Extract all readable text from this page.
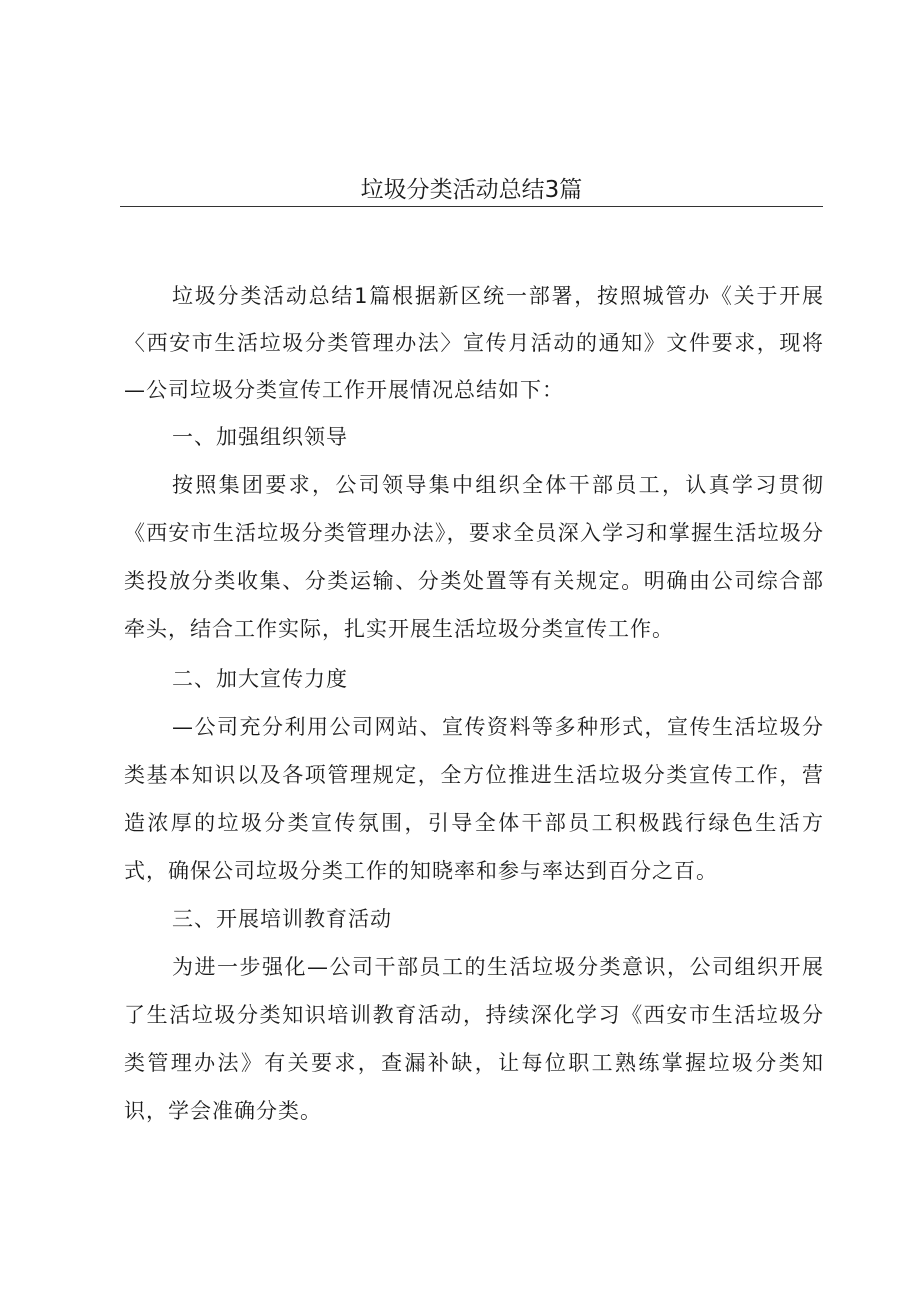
垃圾分类活动总结3篇

垃圾分类活动总结1篇根据新区统一部署，按照城管办《关于开展〈西安市生活垃圾分类管理办法〉宣传月活动的通知》文件要求，现将—公司垃圾分类宣传工作开展情况总结如下：

一、加强组织领导

按照集团要求，公司领导集中组织全体干部员工，认真学习贯彻《西安市生活垃圾分类管理办法》，要求全员深入学习和掌握生活垃圾分类投放分类收集、分类运输、分类处置等有关规定。明确由公司综合部牵头，结合工作实际，扎实开展生活垃圾分类宣传工作。

二、加大宣传力度

—公司充分利用公司网站、宣传资料等多种形式，宣传生活垃圾分类基本知识以及各项管理规定，全方位推进生活垃圾分类宣传工作，营造浓厚的垃圾分类宣传氛围，引导全体干部员工积极践行绿色生活方式，确保公司垃圾分类工作的知晓率和参与率达到百分之百。

三、开展培训教育活动

为进一步强化—公司干部员工的生活垃圾分类意识，公司组织开展了生活垃圾分类知识培训教育活动，持续深化学习《西安市生活垃圾分类管理办法》有关要求，查漏补缺，让每位职工熟练掌握垃圾分类知识，学会准确分类。
